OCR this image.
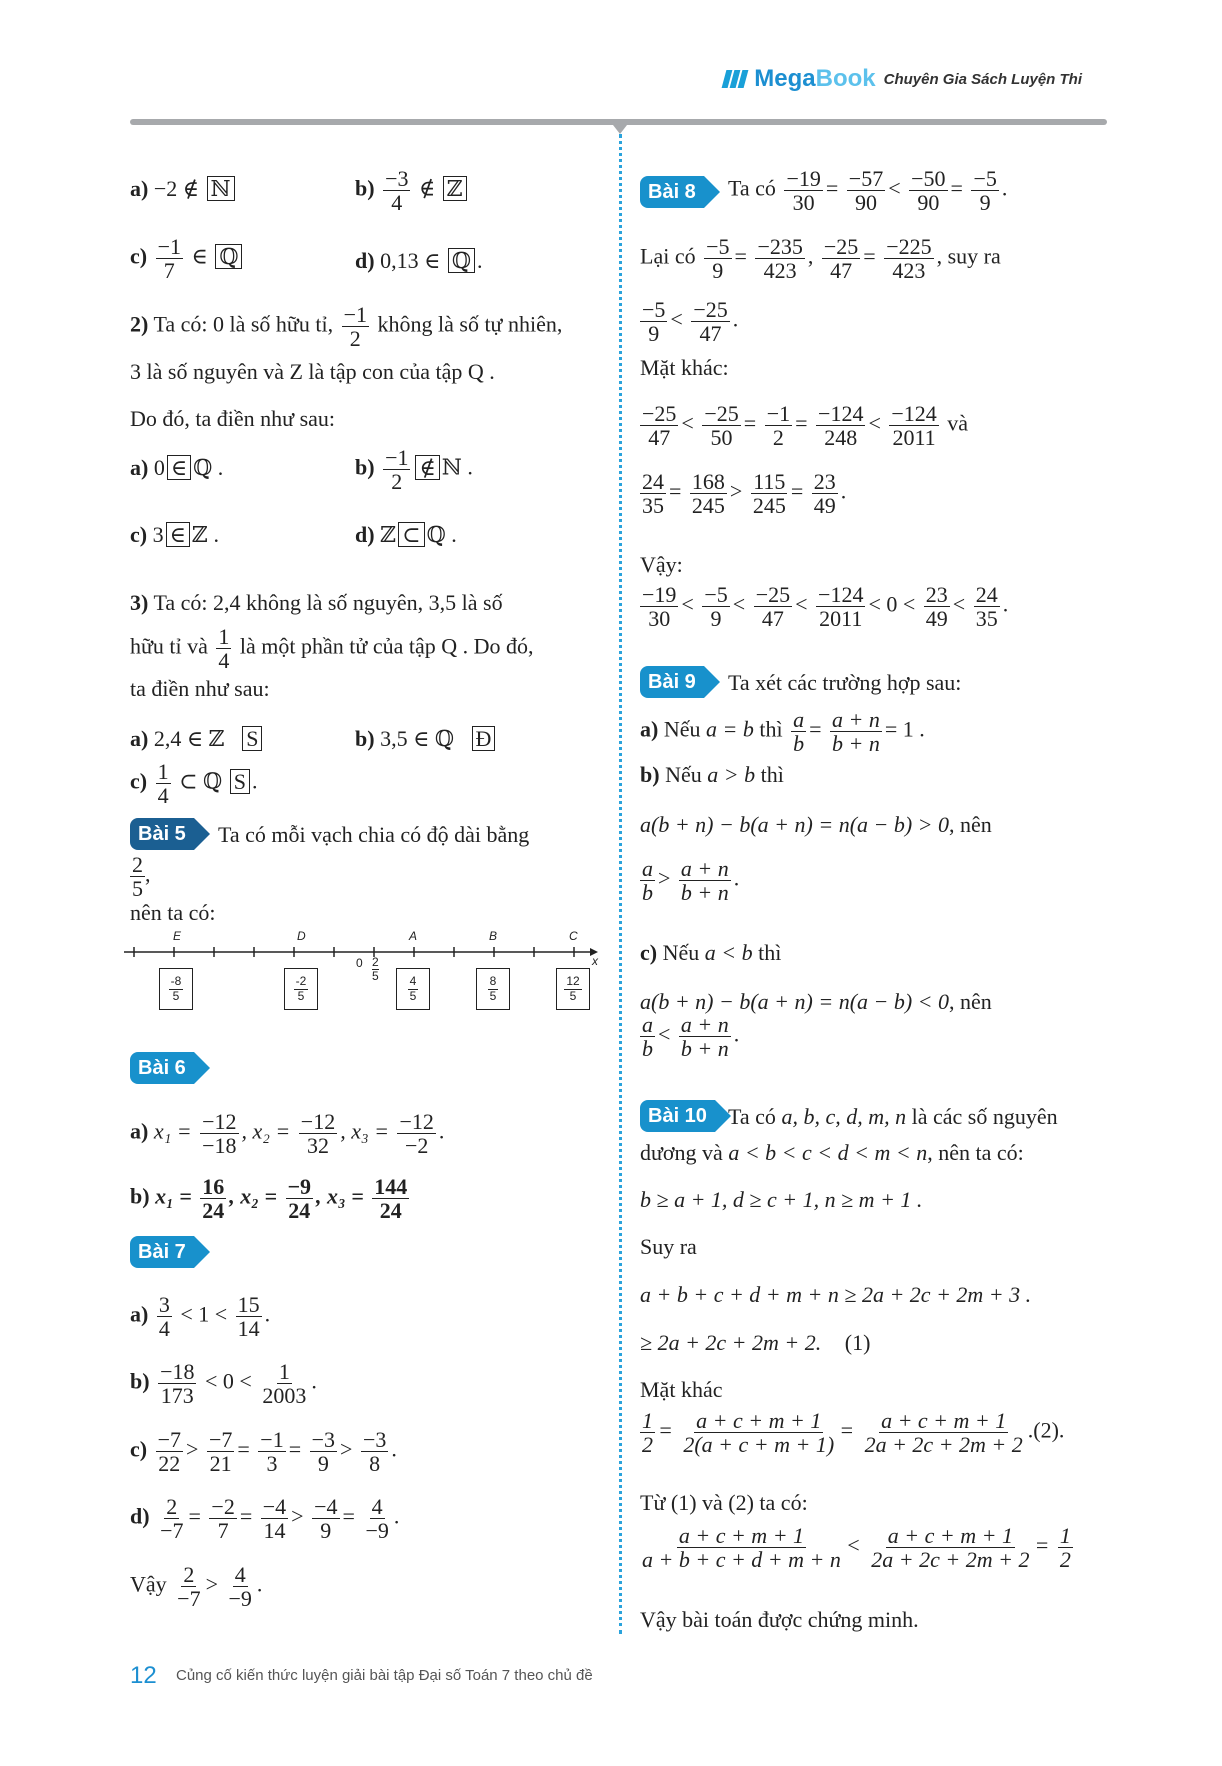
MegaBook Chuyên Gia Sách Luyện Thi
a) −2 ∉ ℕ	$b) \frac{-3}{4}$ ∉ ℤ
$c) \frac{-1}{7}$ ∈ ℚ	d) 0,13 ∈ ℚ .
2) Ta có: 0 là số hữu tỉ, $\frac{-1}{2}$ không là số tự nhiên,
3 là số nguyên và Z là tập con của tập Q .
Do đó, ta điền như sau:
a) 0 ∈ ℚ .	$b) \frac{-1}{2}$ ∉ ℕ .
c) 3 ∈ ℤ .	d) ℤ ⊂ ℚ .
3) Ta có: 2,4 không là số nguyên, 3,5 là số
hữu tỉ và $\frac{1}{4}$ là một phần tử của tập Q . Do đó,
ta điền như sau:
a) 2,4 ∈ ℤ S	b) 3,5 ∈ ℚ Đ
$c) \frac{1}{4}$ ⊂ ℚ S .
Bài 5	Ta có mỗi vạch chia có độ dài bằng
$\frac{2}{5}$ ,
nên ta có:
E	D	A	B	C
$0 \frac{2}{5}$	x
$\frac{-8}{5}$	$\frac{-2}{5}$	$\frac{4}{5}$	$\frac{8}{5}$	$\frac{12}{5}$
Bài 6
a) $x_1 = \frac{-12}{-18}$ , $x_2 = \frac{-12}{32}$ , $x_3 = \frac{-12}{-2}$ .
b) $x_1 = \frac{16}{24}$ , $x_2 = \frac{-9}{24}$ , $x_3 = \frac{144}{24}$
Bài 7
$a) \frac{3}{4} < 1 < \frac{15}{14}$ .
$b) \frac{-18}{173} < 0 < \frac{1}{2003}$ .
$c) \frac{-7}{22} > \frac{-7}{21} = \frac{-1}{3} = \frac{-3}{9} > \frac{-3}{8}$ .
$d) \frac{2}{-7} = \frac{-2}{7} = \frac{-4}{14} > \frac{-4}{9} = \frac{4}{-9}$ .
Vậy $\frac{2}{-7} > \frac{4}{-9}$ .
Bài 8	Ta có $\frac{-19}{30} = \frac{-57}{90} < \frac{-50}{90} = \frac{-5}{9}$ .
Lại có $\frac{-5}{9} = \frac{-235}{423}$ , $\frac{-25}{47} = \frac{-225}{423}$ , suy ra
$\frac{-5}{9} < \frac{-25}{47}$ .
Mặt khác:
$\frac{-25}{47} < \frac{-25}{50} = \frac{-1}{2} = \frac{-124}{248} < \frac{-124}{2011}$ và
$\frac{24}{35} = \frac{168}{245} > \frac{115}{245} = \frac{23}{49}$ .
Vậy:
$\frac{-19}{30} < \frac{-5}{9} < \frac{-25}{47} < \frac{-124}{2011} < 0 < \frac{23}{49} < \frac{24}{35}$ .
Bài 9	Ta xét các trường hợp sau:
a) Nếu a = b thì $\frac{a}{b} = \frac{a + n}{b + n} = 1$ .
b) Nếu a > b thì
a(b + n) − b(a + n) = n(a − b) > 0, nên
$\frac{a}{b} > \frac{a + n}{b + n}$ .
c) Nếu a < b thì
a(b + n) − b(a + n) = n(a − b) < 0, nên
$\frac{a}{b} < \frac{a + n}{b + n}$ .
Bài 10 Ta có a, b, c, d, m, n là các số nguyên
dương và a < b < c < d < m < n, nên ta có:
b ≥ a + 1, d ≥ c + 1, n ≥ m + 1 .
Suy ra
a + b + c + d + m + n ≥ 2a + 2c + 2m + 3 .
≥ 2a + 2c + 2m + 2. (1)
Mặt khác
$\frac{1}{2} = \frac{a + c + m + 1}{2(a + c + m + 1)} = \frac{a + c + m + 1}{2a + 2c + 2m + 2} .(2)$.
Từ (1) và (2) ta có:
$\frac{a + c + m + 1}{a + b + c + d + m + n} < \frac{a + c + m + 1}{2a + 2c + 2m + 2} = \frac{1}{2}$
Vậy bài toán được chứng minh.
12 Củng cố kiến thức luyện giải bài tập Đại số Toán 7 theo chủ đề
